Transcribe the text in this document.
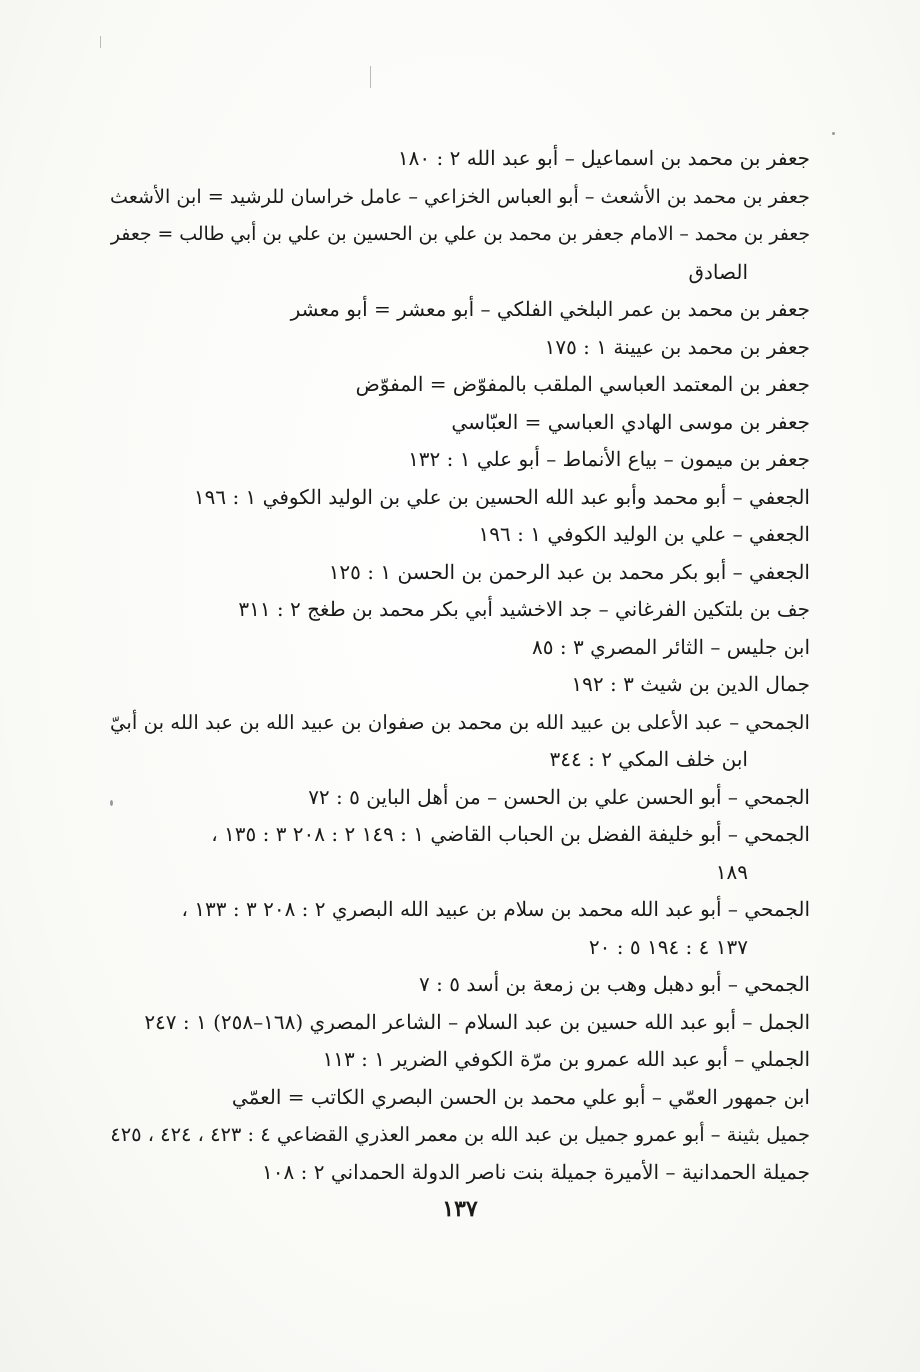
جعفر بن محمد بن اسماعيل – أبو عبد الله ٢ : ١٨٠
جعفر بن محمد بن الأشعث – أبو العباس الخزاعي – عامل خراسان للرشيد = ابن الأشعث
جعفر بن محمد – الامام جعفر بن محمد بن علي بن الحسين بن علي بن أبي طالب = جعفر
الصادق
جعفر بن محمد بن عمر البلخي الفلكي – أبو معشر = أبو معشر
جعفر بن محمد بن عيينة ١ : ١٧٥
جعفر بن المعتمد العباسي الملقب بالمفوّض = المفوّض
جعفر بن موسى الهادي العباسي = العبّاسي
جعفر بن ميمون – بياع الأنماط – أبو علي ١ : ١٣٢
الجعفي – أبو محمد وأبو عبد الله الحسين بن علي بن الوليد الكوفي ١ : ١٩٦
الجعفي – علي بن الوليد الكوفي ١ : ١٩٦
الجعفي – أبو بكر محمد بن عبد الرحمن بن الحسن ١ : ١٢٥
جف بن بلتكين الفرغاني – جد الاخشيد أبي بكر محمد بن طغج ٢ : ٣١١
ابن جليس – الثائر المصري ٣ : ٨٥
جمال الدين بن شيث ٣ : ١٩٢
الجمحي – عبد الأعلى بن عبيد الله بن محمد بن صفوان بن عبيد الله بن عبد الله بن أبيّ
ابن خلف المكي ٢ : ٣٤٤
الجمحي – أبو الحسن علي بن الحسن – من أهل الباين ٥ : ٧٢
الجمحي – أبو خليفة الفضل بن الحباب القاضي ١ : ١٤٩ ٢ : ٢٠٨ ٣ : ١٣٥ ،
١٨٩
الجمحي – أبو عبد الله محمد بن سلام بن عبيد الله البصري ٢ : ٢٠٨ ٣ : ١٣٣ ،
١٣٧ ٤ : ١٩٤ ٥ : ٢٠
الجمحي – أبو دهبل وهب بن زمعة بن أسد ٥ : ٧
الجمل – أبو عبد الله حسين بن عبد السلام – الشاعر المصري (١٦٨–٢٥٨) ١ : ٢٤٧
الجملي – أبو عبد الله عمرو بن مرّة الكوفي الضرير ١ : ١١٣
ابن جمهور العمّي – أبو علي محمد بن الحسن البصري الكاتب = العمّي
جميل بثينة – أبو عمرو جميل بن عبد الله بن معمر العذري القضاعي ٤ : ٤٢٣ ، ٤٢٤ ، ٤٢٥
جميلة الحمدانية – الأميرة جميلة بنت ناصر الدولة الحمداني ٢ : ١٠٨
١٣٧
